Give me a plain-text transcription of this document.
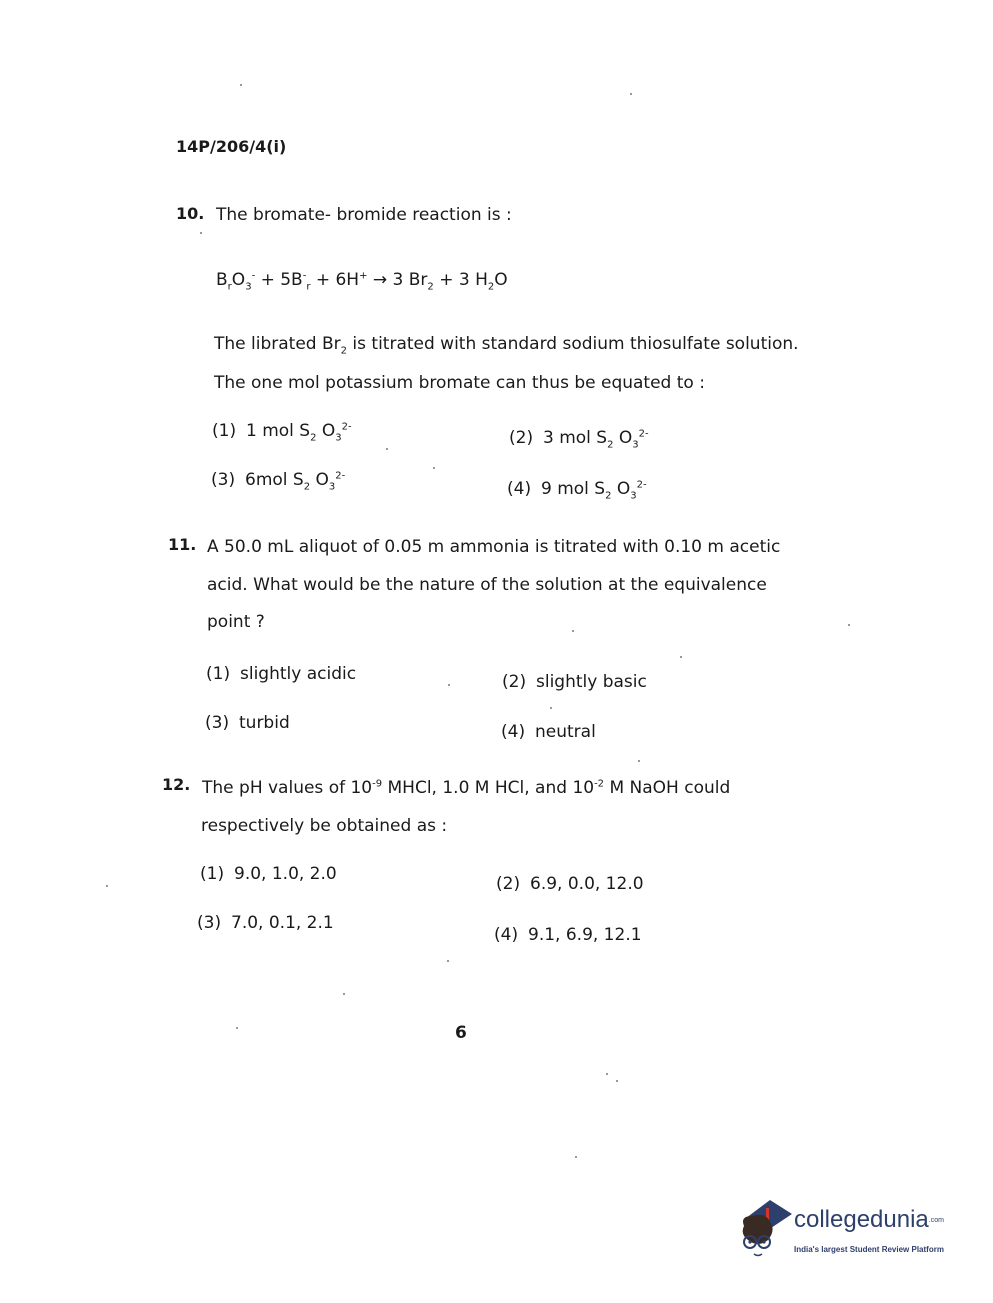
14P/206/4(i)
10. The bromate- bromide reaction is :
$B_rO_3^- + 5B^-_r + 6H^+ \to 3$ $Br_2 + 3$ $H_2O$
The librated $Br_2$ is titrated with standard sodium thiosulfate solution.
The one mol potassium bromate can thus be equated to :
(1) 1 mol $S_2$ $O_3^{2-}$
(2) 3 mol $S_2$ $O_3^{2-}$
(3) 6mol $S_2$ $O_3^{2-}$
(4) 9 mol $S_2$ $O_3^{2-}$
11. A 50.0 mL aliquot of 0.05 m ammonia is titrated with 0.10 m acetic
acid. What would be the nature of the solution at the equivalence
point ?
(1) slightly acidic	(2) slightly basic
(3) turbid	(4) neutral
12. The pH values of $10^{-9}$ MHCl, 1.0 M HCl, and $10^{-2}$ M NaOH could
respectively be obtained as :
(1) 9.0, 1.0, 2.0	(2) 6.9, 0.0, 12.0
(3) 7.0, 0.1, 2.1
(4) 9.1, 6.9, 12.1
6
collegedunia.com
India's largest Student Review Platform
